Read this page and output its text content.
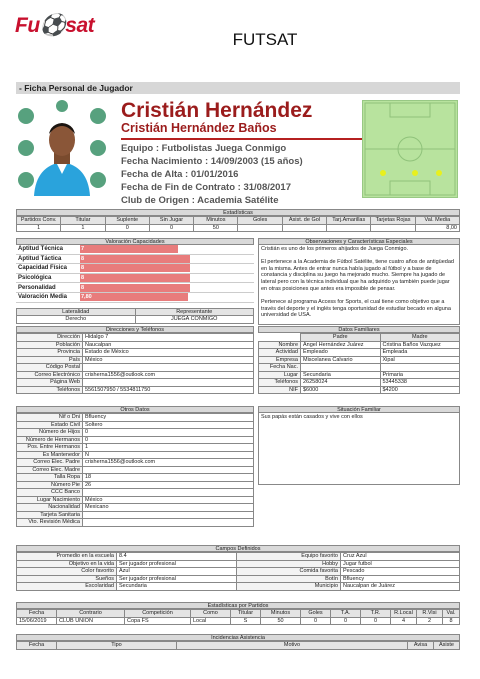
Fu⚽sat
FUTSAT
- Ficha Personal de Jugador
Cristián Hernández
Cristián Hernández Baños
Equipo : Futbolistas Juega Conmigo
Fecha Nacimiento : 14/09/2003 (15 años)
Fecha de Alta : 01/01/2016
Fecha de Fin de Contrato : 31/08/2017
Club de Origen : Academia Satélite
Estadísticas
Partidos Conv.	Titular	Suplente	Sin Jugar	Minutos	Goles	Asist. de Gol	Tarj.Amarillas	Tarjetas Rojas	Val. Media
1	1	0	0	50					8,00
Valoración Capacidades
Aptitud Técnica	7
Aptitud Táctica	8
Capacidad Física	8
Psicológica	8
Personalidad	8
Valoración Media	7,80
Lateralidad	Representante
Derecho	JUEGA CONMIGO
Observaciones y Características Especiales

Cristián es uno de los primeros ahijados de Juega Conmigo.

El pertenece a la Academia de Fútbol Satélite, tiene cuatro años de antigüedad en la misma. Antes de entrar nunca había jugado al fútbol y a base de constancia y disciplina su juego ha mejorado mucho. Siempre ha jugado de lateral pero con la técnica individual que ha adquirido ya también puede jugar en otras posiciones que antes era imposible de pensar.

Pertenece al programa Access for Sports, el cual tiene como objetivo que a través del deporte y el inglés tenga oportunidad de estudiar becado en alguna universidad de USA.

Direcciones y Teléfonos
Dirección	Hidalgo 7
Población	Naucalpan
Provincia	Estado de México
País	México
Código Postal	
Correo Electrónico	crisherna1556@outlook.com
Página Web	
Teléfonos	5561507950 / 5534811750
Datos Familiares
	Padre	Madre
Nombre	Angel Hernández Juárez	Cristina Baños Vazquez
Actividad	Empleado	Empleada
Empresa	Miscelanea Calvario	Xipal
Fecha Nac.		
Lugar	Secundaria	Primaria
Teléfonos	26258024	53445338
NIF	$6000	$4200
Otros Datos
Nif o Dni	Bfluency
Estado Civil	Soltero
Número de Hijos	0
Número de Hermanos	0
Pos. Entre Hermanos	1
Es Mantenedor	N
Correo Elec. Padre	crisherna1556@outlook.com
Correo Elec. Madre	
Talla Ropa	18
Número Pie	26
CCC Banco	
Lugar Nacimiento	México
Nacionalidad	Mexicano
Tarjeta Sanitaria	
Vto. Revisión Médica	
Situación Familiar
Sus papás están casados y vive con ellos
Campos Definidos
Promedio en la escuela	8.4	Equipo favorito	Cruz Azul
Objetivo en la vida	Ser jugador profesional	Hobby	Jugar futbol
Color favorito	Azul	Comida favorita	Pescado
Sueños	Ser jugador profesional	Botín	Bfluency
Escolaridad	Secundaria	Municipio	Naucalpan de Juárez
Estadísticas por Partidos
Fecha	Contrario	Competición	Como	Titular	Minutos	Goles	T.A.	T.R.	R.Local	R.Visi	Val.
15/06/2019	CLUB UNION	Copa FS	Local	S	50	0	0	0	4	2	8
Incidencias Asistencia
Fecha	Tipo	Motivo	Avisa	Asiste
